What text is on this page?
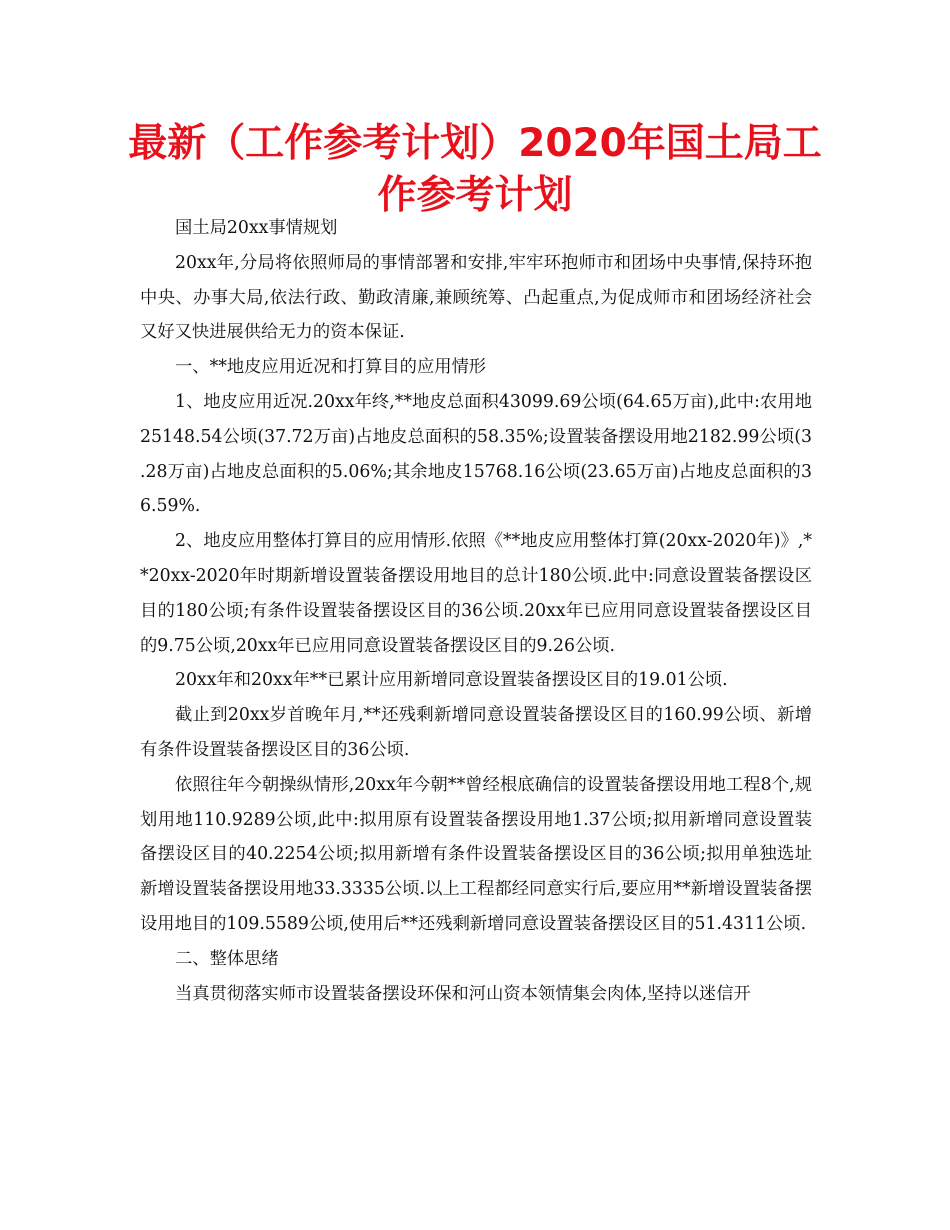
最新（工作参考计划）2020年国土局工作参考计划

国土局20xx事情规划

20xx年,分局将依照师局的事情部署和安排,牢牢环抱师市和团场中央事情,保持环抱中央、办事大局,依法行政、勤政清廉,兼顾统筹、凸起重点,为促成师市和团场经济社会又好又快进展供给无力的资本保证.

一、**地皮应用近况和打算目的应用情形

1、地皮应用近况.20xx年终,**地皮总面积43099.69公顷(64.65万亩),此中:农用地25148.54公顷(37.72万亩)占地皮总面积的58.35%;设置装备摆设用地2182.99公顷(3.28万亩)占地皮总面积的5.06%;其余地皮15768.16公顷(23.65万亩)占地皮总面积的36.59%.

2、地皮应用整体打算目的应用情形.依照《**地皮应用整体打算(20xx-2020年)》,**20xx-2020年时期新增设置装备摆设用地目的总计180公顷.此中:同意设置装备摆设区目的180公顷;有条件设置装备摆设区目的36公顷.20xx年已应用同意设置装备摆设区目的9.75公顷,20xx年已应用同意设置装备摆设区目的9.26公顷.

20xx年和20xx年**已累计应用新增同意设置装备摆设区目的19.01公顷.

截止到20xx岁首晚年月,**还残剩新增同意设置装备摆设区目的160.99公顷、新增有条件设置装备摆设区目的36公顷.

依照往年今朝操纵情形,20xx年今朝**曾经根底确信的设置装备摆设用地工程8个,规划用地110.9289公顷,此中:拟用原有设置装备摆设用地1.37公顷;拟用新增同意设置装备摆设区目的40.2254公顷;拟用新增有条件设置装备摆设区目的36公顷;拟用单独选址新增设置装备摆设用地33.3335公顷.以上工程都经同意实行后,要应用**新增设置装备摆设用地目的109.5589公顷,使用后**还残剩新增同意设置装备摆设区目的51.4311公顷.

二、整体思绪

当真贯彻落实师市设置装备摆设环保和河山资本领情集会肉体,坚持以迷信开
